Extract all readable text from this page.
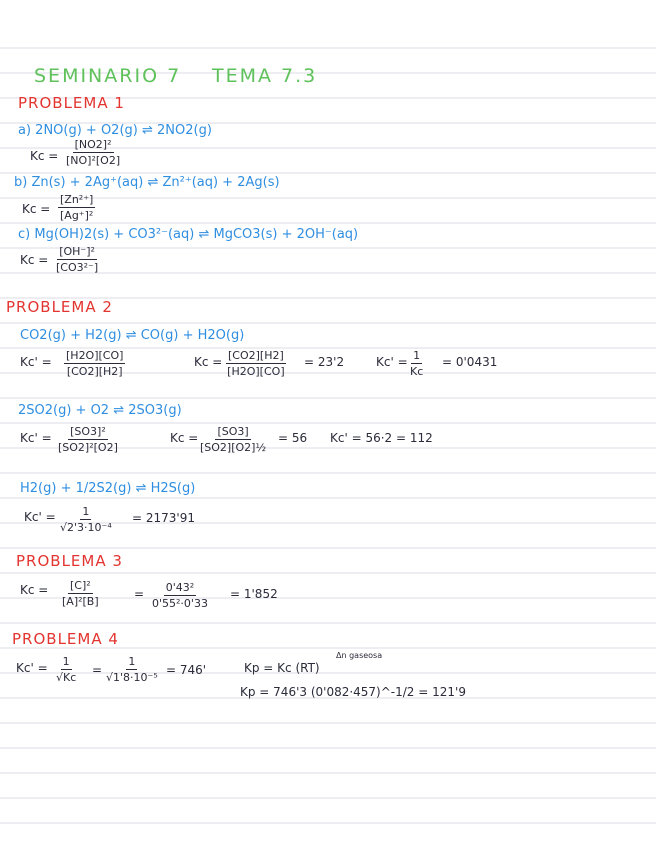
SEMINARIO 7 TEMA 7.3
PROBLEMA 1
a) 2NO(g) + O2(g) ⇌ 2NO2(g)
$Kc = \frac{\text{[NO2]²}}{\text{[NO]²[O2]}}$
b) Zn(s) + 2Ag⁺(aq) ⇌ Zn²⁺(aq) + 2Ag(s)
$Kc = \frac{\text{[Zn²⁺]}}{\text{[Ag⁺]²}}$
c) Mg(OH)2(s) + CO3²⁻(aq) ⇌ MgCO3(s) + 2OH⁻(aq)
$Kc = \frac{\text{[OH⁻]²}}{\text{[CO3²⁻]}}$
PROBLEMA 2
CO2(g) + H2(g) ⇌ CO(g) + H2O(g)
$Kc' = \frac{[H2O][CO]}{[CO2][H2]}$	$Kc = \frac{[CO2][H2]}{[H2O][CO]} = 23'2$	$Kc' = \frac{1}{Kc} = 0'0431$
2SO2(g) + O2 ⇌ 2SO3(g)
$Kc' = \frac{\text{[SO3]²}}{\text{[SO2]²[O2]}}$	$Kc = \frac{[SO3]}{\text{[SO2][O2]½}} = 56$ Kc' = 56·2 = 112
H2(g) + 1/2S2(g) ⇌ H2S(g)
$Kc' = \frac{1}{\text{√2'3·10⁻⁴}} = 2173'91$
PROBLEMA 3
$Kc = \frac{\text{[C]²}}{\text{[A]²[B]}}$	= $\frac{\text{0'43²}}{\text{0'55²·0'33}} = 1'852$
PROBLEMA 4
$Kc' = \frac{1}{√Kc} = \frac{1}{\text{√1'8·10⁻⁵}} = 746'$	Kp = Kc (RT)
Δn gaseosa
Kp = 746'3 (0'082·457)^-1/2 = 121'9
